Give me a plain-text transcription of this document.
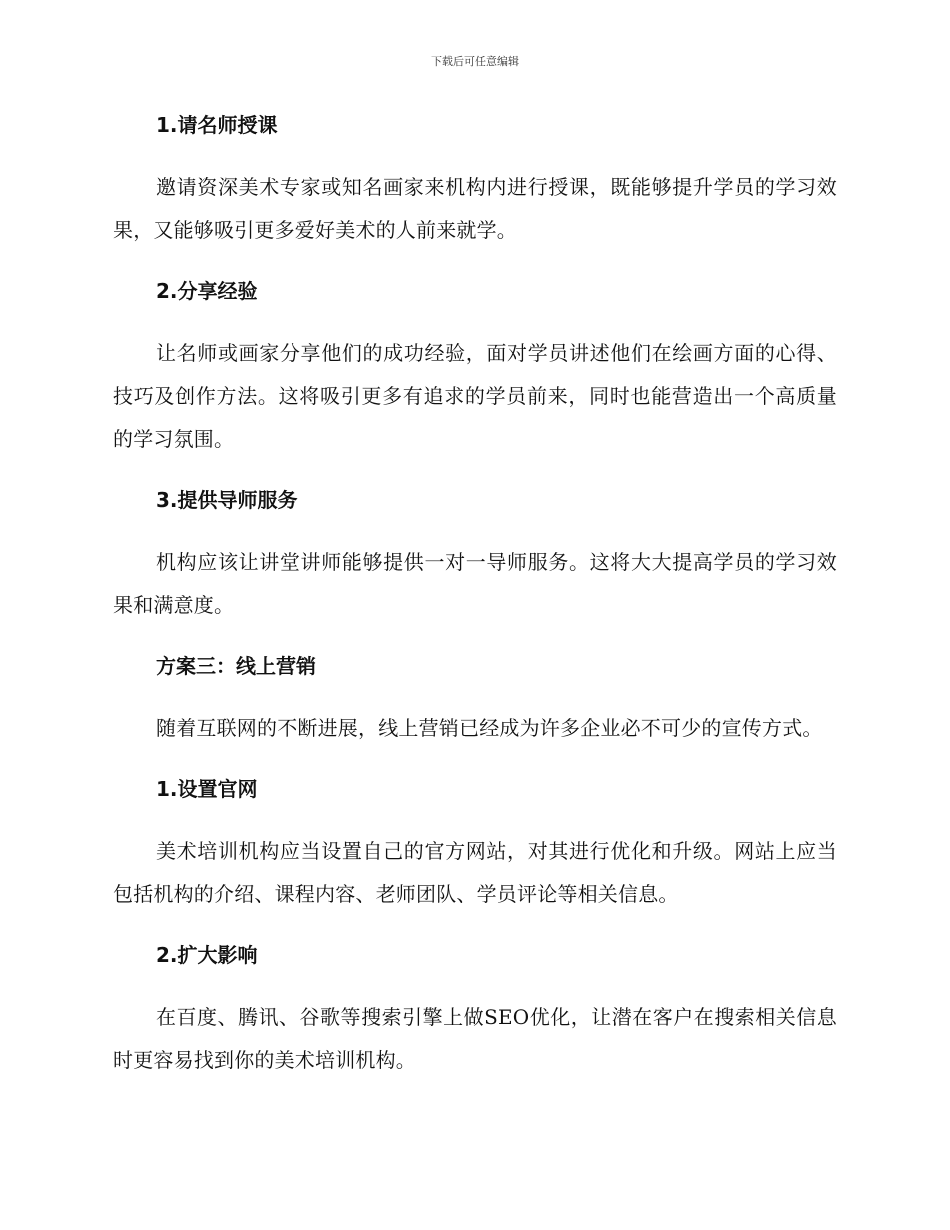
下载后可任意编辑
1.请名师授课

邀请资深美术专家或知名画家来机构内进行授课，既能够提升学员的学习效果，又能够吸引更多爱好美术的人前来就学。

2.分享经验

让名师或画家分享他们的成功经验，面对学员讲述他们在绘画方面的心得、技巧及创作方法。这将吸引更多有追求的学员前来，同时也能营造出一个高质量的学习氛围。

3.提供导师服务

机构应该让讲堂讲师能够提供一对一导师服务。这将大大提高学员的学习效果和满意度。

方案三：线上营销

随着互联网的不断进展，线上营销已经成为许多企业必不可少的宣传方式。

1.设置官网

美术培训机构应当设置自己的官方网站，对其进行优化和升级。网站上应当包括机构的介绍、课程内容、老师团队、学员评论等相关信息。

2.扩大影响

在百度、腾讯、谷歌等搜索引擎上做SEO优化，让潜在客户在搜索相关信息时更容易找到你的美术培训机构。
